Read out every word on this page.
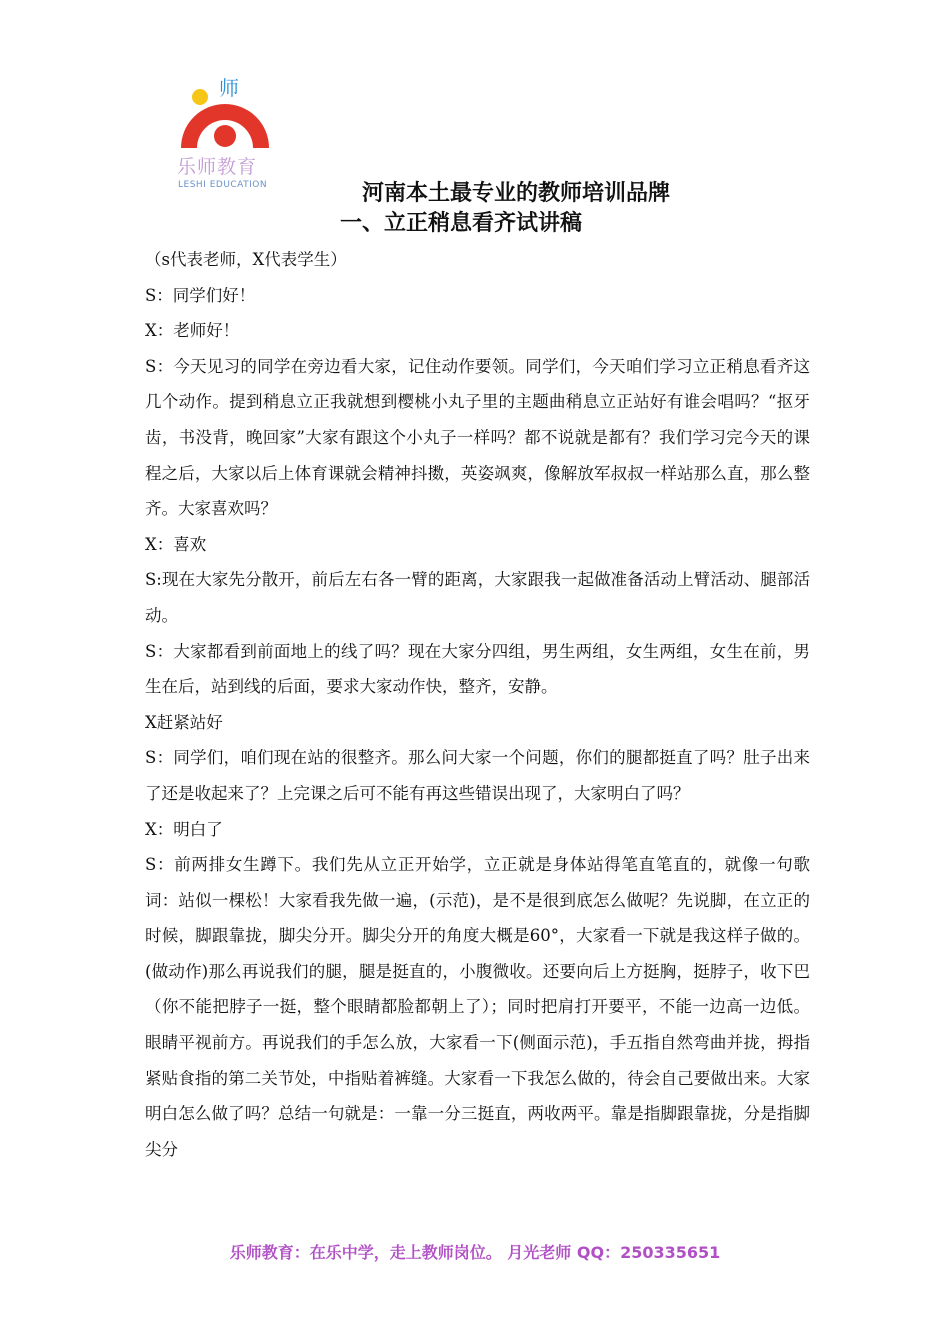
师
乐师教育
LESHI EDUCATION	河南本土最专业的教师培训品牌
一、立正稍息看齐试讲稿

（s代表老师，X代表学生）

S：同学们好！

X：老师好！

S：今天见习的同学在旁边看大家，记住动作要领。同学们，今天咱们学习立正稍息看齐这几个动作。提到稍息立正我就想到樱桃小丸子里的主题曲稍息立正站好有谁会唱吗？“抠牙齿，书没背，晚回家”大家有跟这个小丸子一样吗？都不说就是都有？我们学习完今天的课程之后，大家以后上体育课就会精神抖擞，英姿飒爽，像解放军叔叔一样站那么直，那么整齐。大家喜欢吗？

X：喜欢

S:现在大家先分散开，前后左右各一臂的距离，大家跟我一起做准备活动上臂活动、腿部活动。

S：大家都看到前面地上的线了吗？现在大家分四组，男生两组，女生两组，女生在前，男生在后，站到线的后面，要求大家动作快，整齐，安静。

X赶紧站好

S：同学们，咱们现在站的很整齐。那么问大家一个问题，你们的腿都挺直了吗？肚子出来了还是收起来了？上完课之后可不能有再这些错误出现了，大家明白了吗？

X：明白了

S：前两排女生蹲下。我们先从立正开始学，立正就是身体站得笔直笔直的，就像一句歌词：站似一棵松！大家看我先做一遍，(示范)，是不是很到底怎么做呢？先说脚，在立正的时候，脚跟靠拢，脚尖分开。脚尖分开的角度大概是60°，大家看一下就是我这样子做的。(做动作)那么再说我们的腿，腿是挺直的，小腹微收。还要向后上方挺胸，挺脖子，收下巴（你不能把脖子一挺，整个眼睛都脸都朝上了）；同时把肩打开要平，不能一边高一边低。眼睛平视前方。再说我们的手怎么放，大家看一下(侧面示范)，手五指自然弯曲并拢，拇指紧贴食指的第二关节处，中指贴着裤缝。大家看一下我怎么做的，待会自己要做出来。大家明白怎么做了吗？总结一句就是：一靠一分三挺直，两收两平。靠是指脚跟靠拢，分是指脚尖分

乐师教育：在乐中学，走上教师岗位。 月光老师 QQ：250335651
